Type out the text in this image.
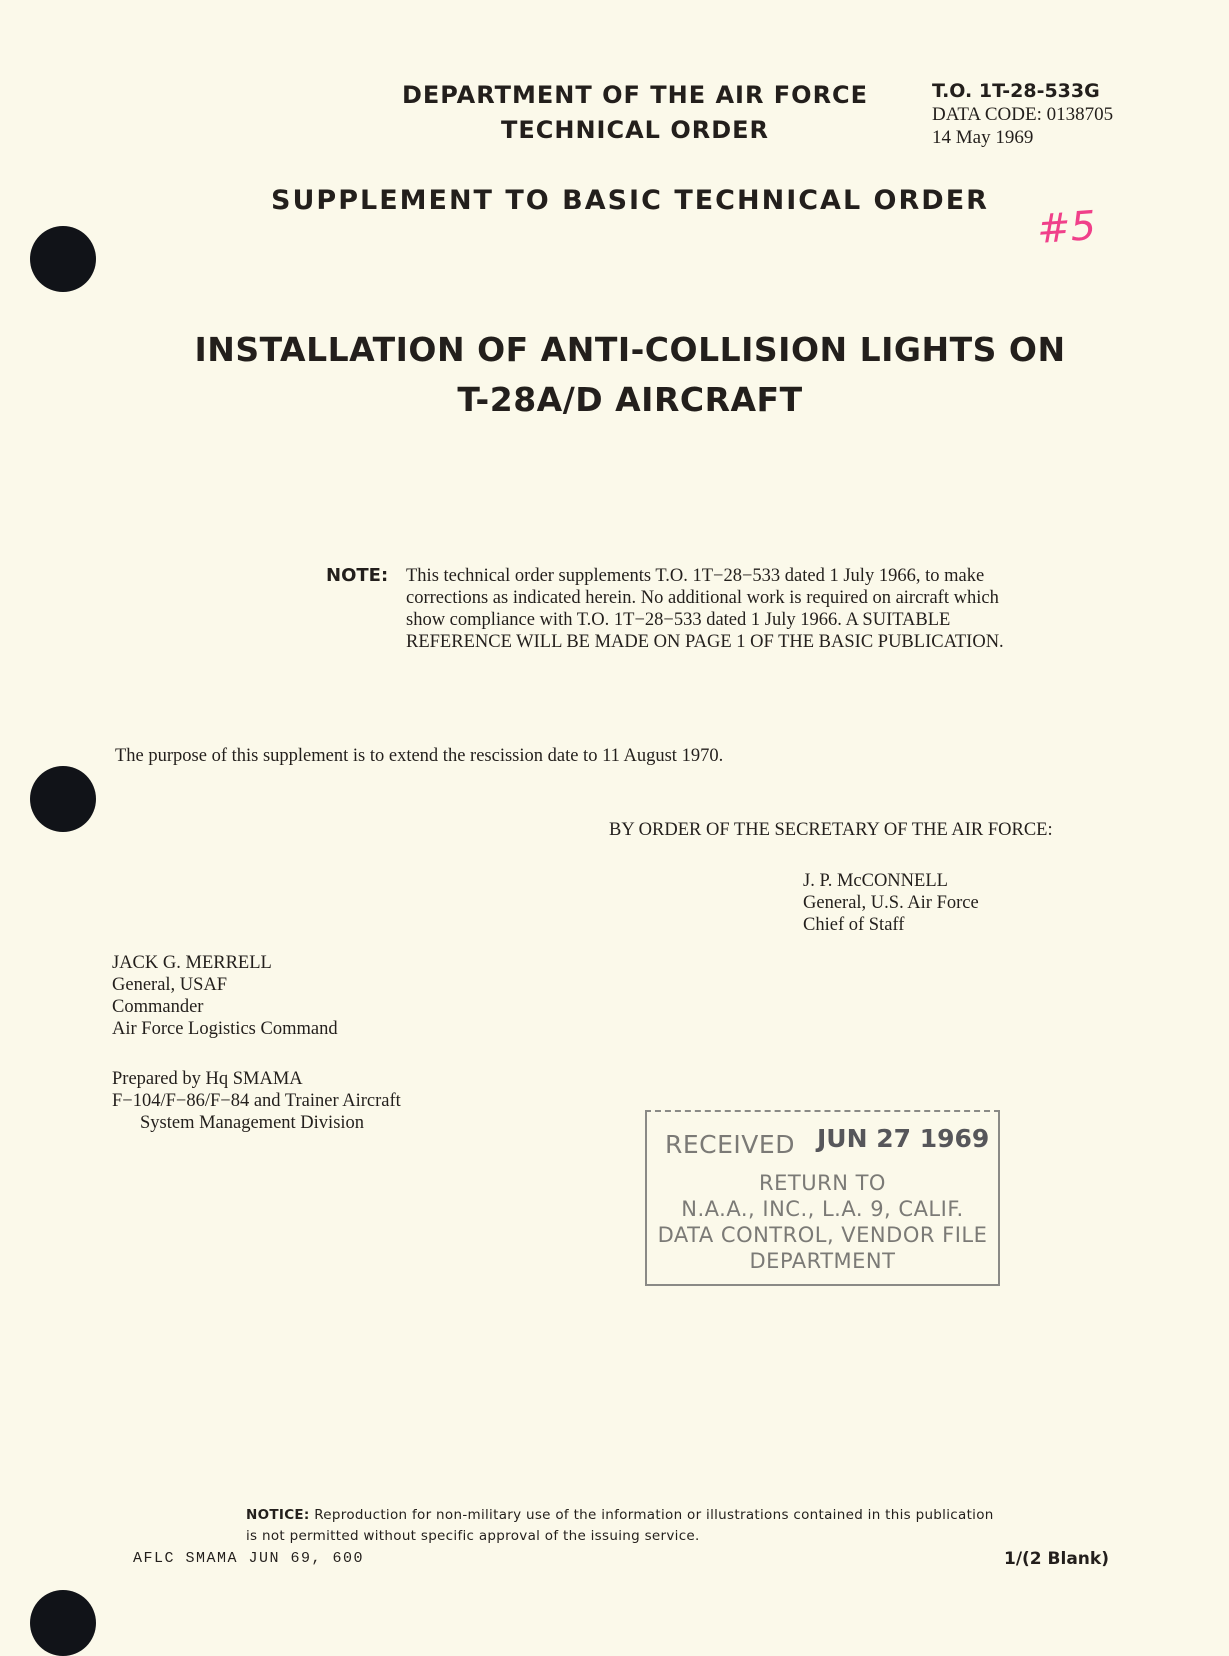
DEPARTMENT OF THE AIR FORCE
TECHNICAL ORDER
T.O. 1T-28-533G
DATA CODE: 0138705
14 May 1969
SUPPLEMENT TO BASIC TECHNICAL ORDER
#5
INSTALLATION OF ANTI-COLLISION LIGHTS ON
T-28A/D AIRCRAFT
NOTE: This technical order supplements T.O. 1T−28−533 dated 1 July 1966, to make corrections as indicated herein. No additional work is required on aircraft which show compliance with T.O. 1T−28−533 dated 1 July 1966. A SUITABLE REFERENCE WILL BE MADE ON PAGE 1 OF THE BASIC PUBLICATION.
The purpose of this supplement is to extend the rescission date to 11 August 1970.
BY ORDER OF THE SECRETARY OF THE AIR FORCE:
J. P. McCONNELL
General, U.S. Air Force
Chief of Staff
JACK G. MERRELL
General, USAF
Commander
Air Force Logistics Command
Prepared by Hq SMAMA
F−104/F−86/F−84 and Trainer Aircraft
System Management Division
RECEIVED JUN 27 1969
RETURN TO
N.A.A., INC., L.A. 9, CALIF.
DATA CONTROL, VENDOR FILE
DEPARTMENT
NOTICE: Reproduction for non-military use of the information or illustrations contained in this publication is not permitted without specific approval of the issuing service.
AFLC SMAMA JUN 69, 600	1/(2 Blank)
